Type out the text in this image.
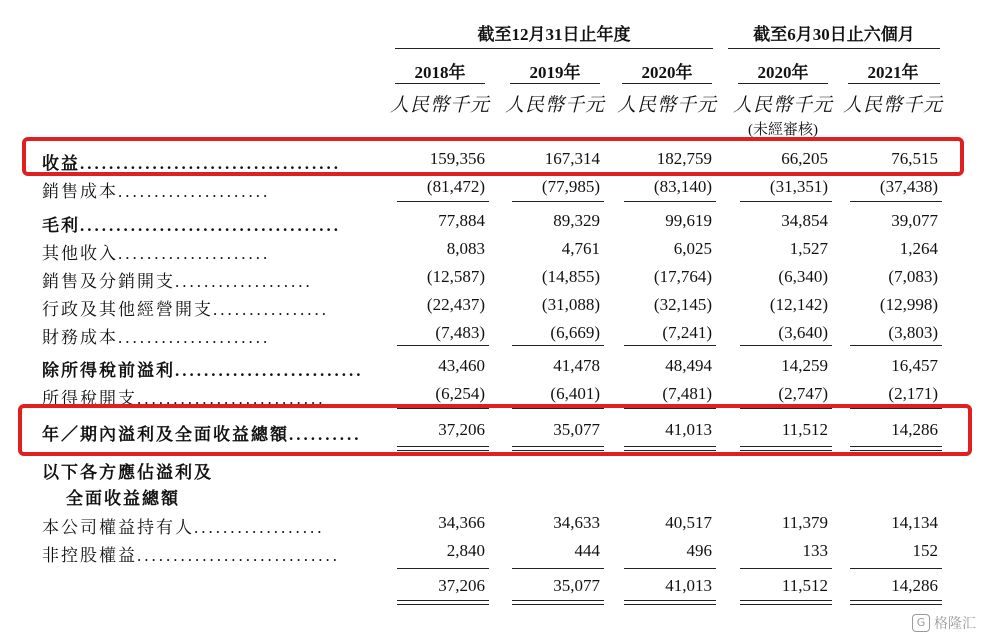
截至12月31日止年度	截至6月30日止六個月
2018年	2019年	2020年	2020年	2021年
人民幣千元 人民幣千元 人民幣千元 人民幣千元 人民幣千元
(未經審核)
收益....................................	159,356	167,314	182,759	66,205	76,515
銷售成本.....................	(81,472)	(77,985)	(83,140)	(31,351)	(37,438)
毛利....................................	77,884	89,329	99,619	34,854	39,077
其他收入.....................	8,083	4,761	6,025	1,527	1,264
銷售及分銷開支...................	(12,587)	(14,855)	(17,764)	(6,340)	(7,083)
行政及其他經營開支................	(22,437)	(31,088)	(32,145)	(12,142)	(12,998)
財務成本.....................	(7,483)	(6,669)	(7,241)	(3,640)	(3,803)
除所得稅前溢利..........................	43,460	41,478	48,494	14,259	16,457
所得稅開支..........................	(6,254)	(6,401)	(7,481)	(2,747)	(2,171)
年／期內溢利及全面收益總額..........	37,206	35,077	41,013	11,512	14,286
以下各方應佔溢利及
全面收益總額
本公司權益持有人..................	34,366	34,633	40,517	11,379	14,134
非控股權益............................	2,840	444	496	133	152
37,206	35,077	41,013	11,512	14,286
G 格隆汇
